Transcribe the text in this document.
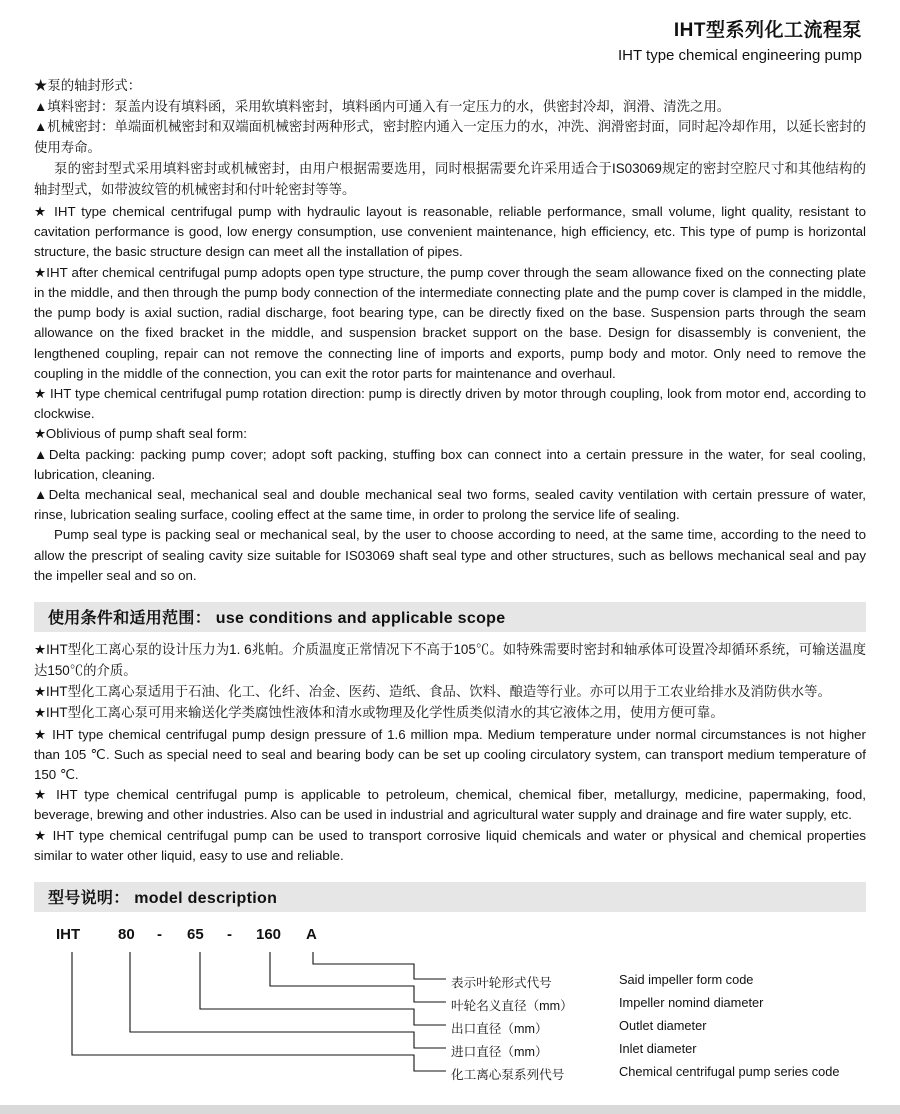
IHT型系列化工流程泵
IHT type chemical engineering pump

★泵的轴封形式：

▲填料密封：泵盖内设有填料函，采用软填料密封，填料函内可通入有一定压力的水，供密封冷却，润滑、清洗之用。

▲机械密封：单端面机械密封和双端面机械密封两种形式，密封腔内通入一定压力的水，冲洗、润滑密封面，同时起冷却作用，以延长密封的使用寿命。

泵的密封型式采用填料密封或机械密封，由用户根据需要选用，同时根据需要允许采用适合于IS03069规定的密封空腔尺寸和其他结构的轴封型式，如带波纹管的机械密封和付叶轮密封等等。

★ IHT type chemical centrifugal pump with hydraulic layout is reasonable, reliable performance, small volume, light quality, resistant to cavitation performance is good, low energy consumption, use convenient maintenance, high efficiency, etc. This type of pump is horizontal structure, the basic structure design can meet all the installation of pipes.

★IHT after chemical centrifugal pump adopts open type structure, the pump cover through the seam allowance fixed on the connecting plate in the middle, and then through the pump body connection of the intermediate connecting plate and the pump cover is clamped in the middle, the pump body is axial suction, radial discharge, foot bearing type, can be directly fixed on the base. Suspension parts through the seam allowance on the fixed bracket in the middle, and suspension bracket support on the base. Design for disassembly is convenient, the lengthened coupling, repair can not remove the connecting line of imports and exports, pump body and motor. Only need to remove the coupling in the middle of the connection, you can exit the rotor parts for maintenance and overhaul.

★ IHT type chemical centrifugal pump rotation direction: pump is directly driven by motor through coupling, look from motor end, according to clockwise.

★Oblivious of pump shaft seal form:

▲Delta packing: packing pump cover; adopt soft packing, stuffing box can connect into a certain pressure in the water, for seal cooling, lubrication, cleaning.

▲Delta mechanical seal, mechanical seal and double mechanical seal two forms, sealed cavity ventilation with certain pressure of water, rinse, lubrication sealing surface, cooling effect at the same time, in order to prolong the service life of sealing.

Pump seal type is packing seal or mechanical seal, by the user to choose according to need, at the same time, according to the need to allow the prescript of sealing cavity size suitable for IS03069 shaft seal type and other structures, such as bellows mechanical seal and pay the impeller seal and so on.

使用条件和适用范围： use conditions and applicable scope

★IHT型化工离心泵的设计压力为1. 6兆帕。介质温度正常情况下不高于105℃。如特殊需要时密封和轴承体可设置冷却循环系统，可输送温度达150℃的介质。

★IHT型化工离心泵适用于石油、化工、化纤、冶金、医药、造纸、食品、饮料、酿造等行业。亦可以用于工农业给排水及消防供水等。

★IHT型化工离心泵可用来输送化学类腐蚀性液体和清水或物理及化学性质类似清水的其它液体之用，使用方便可靠。

★ IHT type chemical centrifugal pump design pressure of 1.6 million mpa. Medium temperature under normal circumstances is not higher than 105 ℃. Such as special need to seal and bearing body can be set up cooling circulatory system, can transport medium temperature of 150 ℃.

★ IHT type chemical centrifugal pump is applicable to petroleum, chemical, chemical fiber, metallurgy, medicine, papermaking, food, beverage, brewing and other industries. Also can be used in industrial and agricultural water supply and drainage and fire water supply, etc.

★ IHT type chemical centrifugal pump can be used to transport corrosive liquid chemicals and water or physical and chemical properties similar to water other liquid, easy to use and reliable.

型号说明： model description
IHT	80 - 65 - 160 A
表示叶轮形式代号	Said impeller form code
叶轮名义直径（mm）	Impeller nomind diameter
出口直径（mm）	Outlet diameter
进口直径（mm）	Inlet diameter
化工离心泵系列代号	Chemical centrifugal pump series code
